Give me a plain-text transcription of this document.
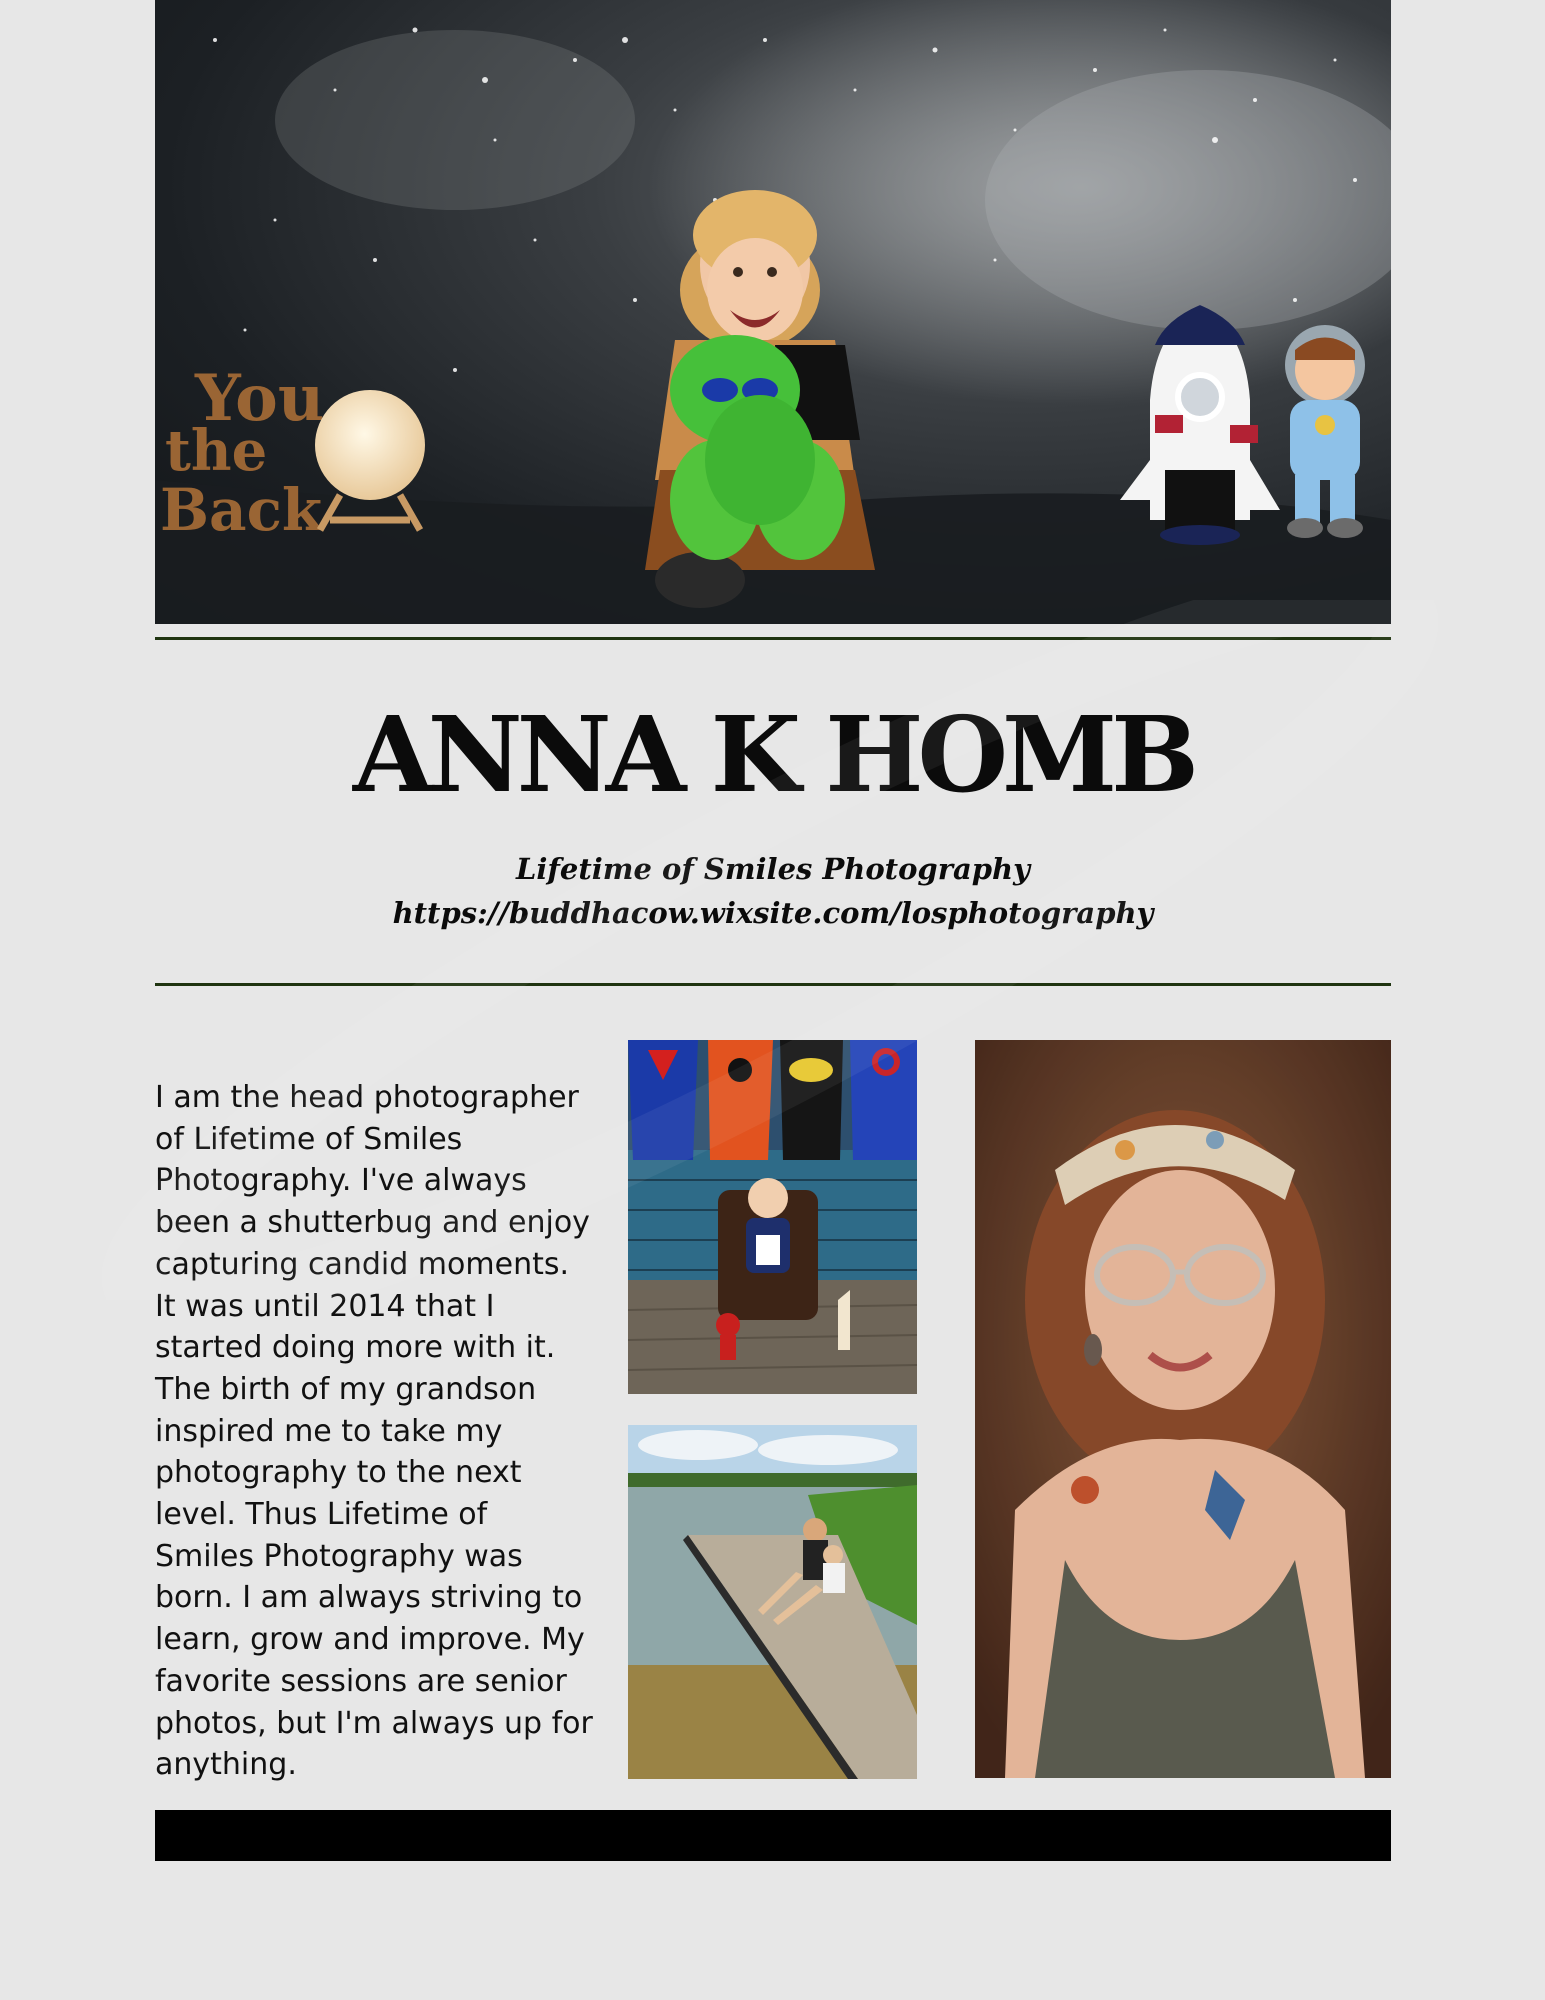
You
the
Back
ANNA K HOMB
Lifetime of Smiles Photography
https://buddhacow.wixsite.com/losphotography
I am the head photographer of Lifetime of Smiles Photography. I've always been a shutterbug and enjoy capturing candid moments. It was until 2014 that I started doing more with it. The birth of my grandson inspired me to take my photography to the next level. Thus Lifetime of Smiles Photography was born. I am always striving to learn, grow and improve. My favorite sessions are senior photos, but I'm always up for anything.
